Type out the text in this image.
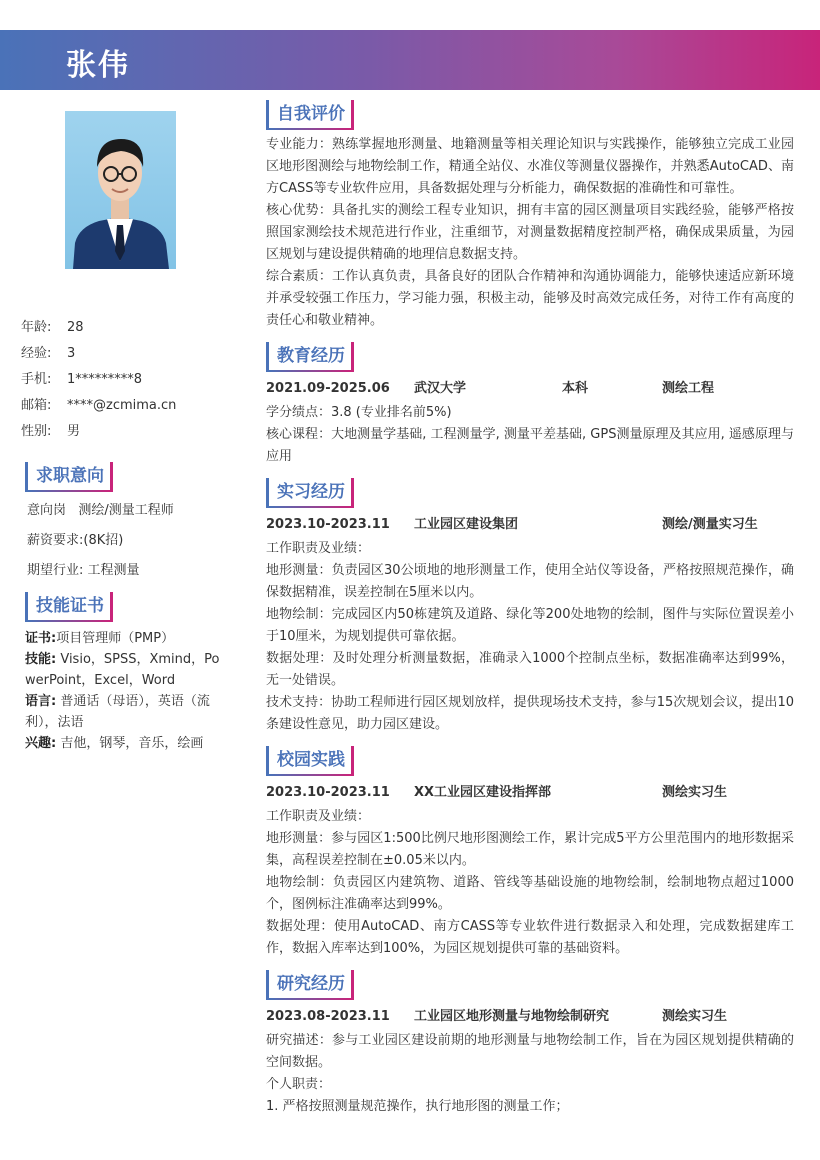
张伟
年龄:	28
经验:	3
手机:	1*********8
邮箱:	****@zcmima.cn
性别:	男
求职意向
意向岗   测绘/测量工程师
薪资要求:(8K招)
期望行业: 工程测量
技能证书

证书:项目管理师（PMP）

技能: Visio，SPSS，Xmind，PowerPoint，Excel，Word

语言: 普通话（母语），英语（流利），法语

兴趣: 吉他，钢琴，音乐，绘画

自我评价

专业能力：熟练掌握地形测量、地籍测量等相关理论知识与实践操作，能够独立完成工业园区地形图测绘与地物绘制工作，精通全站仪、水准仪等测量仪器操作，并熟悉AutoCAD、南方CASS等专业软件应用，具备数据处理与分析能力，确保数据的准确性和可靠性。

核心优势：具备扎实的测绘工程专业知识，拥有丰富的园区测量项目实践经验，能够严格按照国家测绘技术规范进行作业，注重细节，对测量数据精度控制严格，确保成果质量，为园区规划与建设提供精确的地理信息数据支持。

综合素质：工作认真负责，具备良好的团队合作精神和沟通协调能力，能够快速适应新环境并承受较强工作压力，学习能力强，积极主动，能够及时高效完成任务，对待工作有高度的责任心和敬业精神。

教育经历
2021.09-2025.06	武汉大学	本科	测绘工程

学分绩点：3.8 (专业排名前5%)

核心课程：大地测量学基础, 工程测量学, 测量平差基础, GPS测量原理及其应用, 遥感原理与应用

实习经历
2023.10-2023.11	工业园区建设集团	测绘/测量实习生

工作职责及业绩：

地形测量：负责园区30公顷地的地形测量工作，使用全站仪等设备，严格按照规范操作，确保数据精准，误差控制在5厘米以内。

地物绘制：完成园区内50栋建筑及道路、绿化等200处地物的绘制，图件与实际位置误差小于10厘米，为规划提供可靠依据。

数据处理：及时处理分析测量数据，准确录入1000个控制点坐标，数据准确率达到99%，无一处错误。

技术支持：协助工程师进行园区规划放样，提供现场技术支持，参与15次规划会议，提出10条建设性意见，助力园区建设。

校园实践
2023.10-2023.11	XX工业园区建设指挥部	测绘实习生

工作职责及业绩：

地形测量：参与园区1:500比例尺地形图测绘工作，累计完成5平方公里范围内的地形数据采集，高程误差控制在±0.05米以内。

地物绘制：负责园区内建筑物、道路、管线等基础设施的地物绘制，绘制地物点超过1000个，图例标注准确率达到99%。

数据处理：使用AutoCAD、南方CASS等专业软件进行数据录入和处理，完成数据建库工作，数据入库率达到100%，为园区规划提供可靠的基础资料。

研究经历
2023.08-2023.11	工业园区地形测量与地物绘制研究	测绘实习生

研究描述：参与工业园区建设前期的地形测量与地物绘制工作，旨在为园区规划提供精确的空间数据。

个人职责：

1. 严格按照测量规范操作，执行地形图的测量工作；
